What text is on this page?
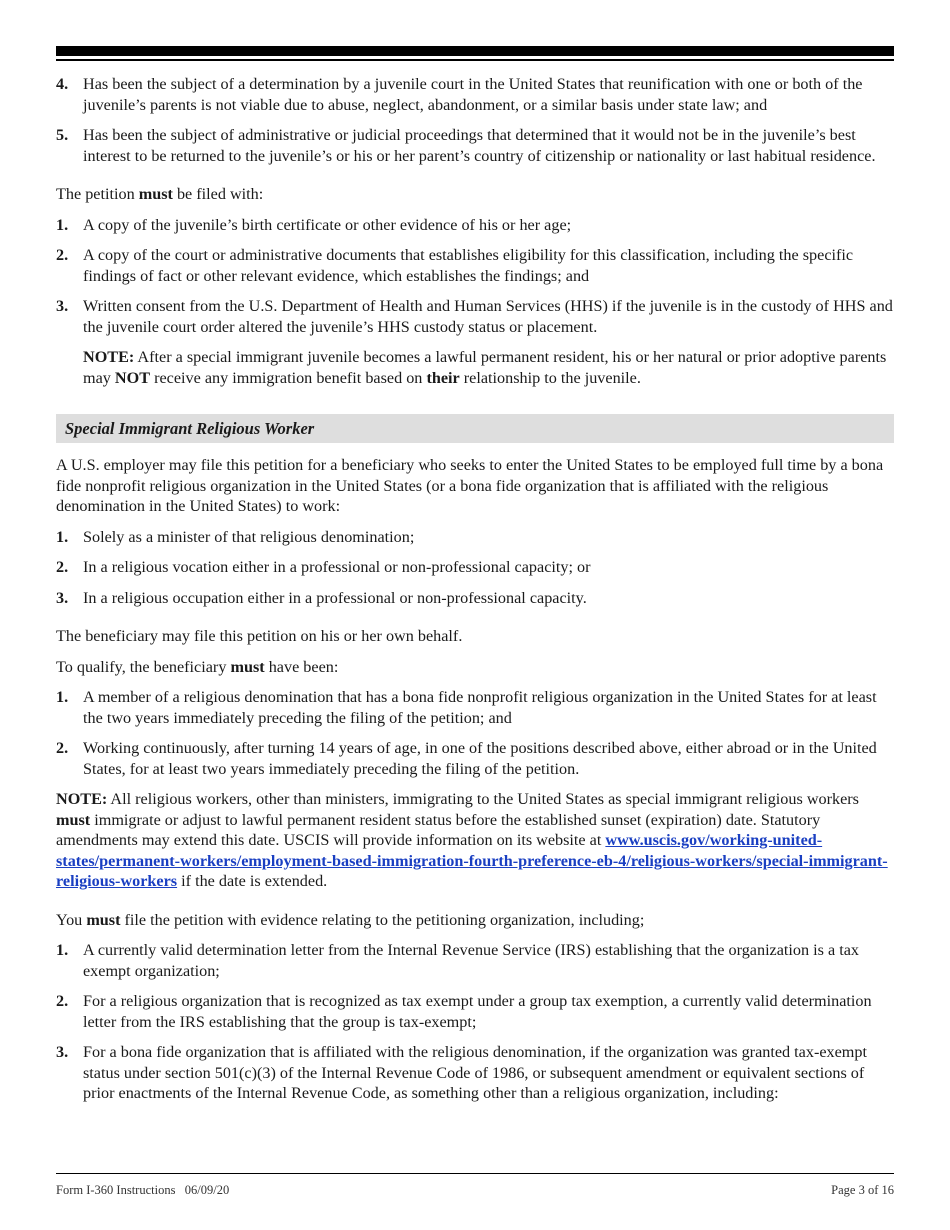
4. Has been the subject of a determination by a juvenile court in the United States that reunification with one or both of the juvenile’s parents is not viable due to abuse, neglect, abandonment, or a similar basis under state law; and
5. Has been the subject of administrative or judicial proceedings that determined that it would not be in the juvenile’s best interest to be returned to the juvenile’s or his or her parent’s country of citizenship or nationality or last habitual residence.

The petition must be filed with:

1. A copy of the juvenile’s birth certificate or other evidence of his or her age;
2. A copy of the court or administrative documents that establishes eligibility for this classification, including the specific findings of fact or other relevant evidence, which establishes the findings; and
3. Written consent from the U.S. Department of Health and Human Services (HHS) if the juvenile is in the custody of HHS and the juvenile court order altered the juvenile’s HHS custody status or placement.

NOTE: After a special immigrant juvenile becomes a lawful permanent resident, his or her natural or prior adoptive parents may NOT receive any immigration benefit based on their relationship to the juvenile.

Special Immigrant Religious Worker

A U.S. employer may file this petition for a beneficiary who seeks to enter the United States to be employed full time by a bona fide nonprofit religious organization in the United States (or a bona fide organization that is affiliated with the religious denomination in the United States) to work:

1. Solely as a minister of that religious denomination;
2. In a religious vocation either in a professional or non-professional capacity; or
3. In a religious occupation either in a professional or non-professional capacity.

The beneficiary may file this petition on his or her own behalf.

To qualify, the beneficiary must have been:

1. A member of a religious denomination that has a bona fide nonprofit religious organization in the United States for at least the two years immediately preceding the filing of the petition; and
2. Working continuously, after turning 14 years of age, in one of the positions described above, either abroad or in the United States, for at least two years immediately preceding the filing of the petition.

NOTE: All religious workers, other than ministers, immigrating to the United States as special immigrant religious workers must immigrate or adjust to lawful permanent resident status before the established sunset (expiration) date. Statutory amendments may extend this date. USCIS will provide information on its website at www.uscis.gov/working-united-states/permanent-workers/employment-based-immigration-fourth-preference-eb-4/religious-workers/special-immigrant-religious-workers if the date is extended.

You must file the petition with evidence relating to the petitioning organization, including;

1. A currently valid determination letter from the Internal Revenue Service (IRS) establishing that the organization is a tax exempt organization;
2. For a religious organization that is recognized as tax exempt under a group tax exemption, a currently valid determination letter from the IRS establishing that the group is tax-exempt;
3. For a bona fide organization that is affiliated with the religious denomination, if the organization was granted tax-exempt status under section 501(c)(3) of the Internal Revenue Code of 1986, or subsequent amendment or equivalent sections of prior enactments of the Internal Revenue Code, as something other than a religious organization, including:
Form I-360 Instructions   06/09/20	Page 3 of 16
